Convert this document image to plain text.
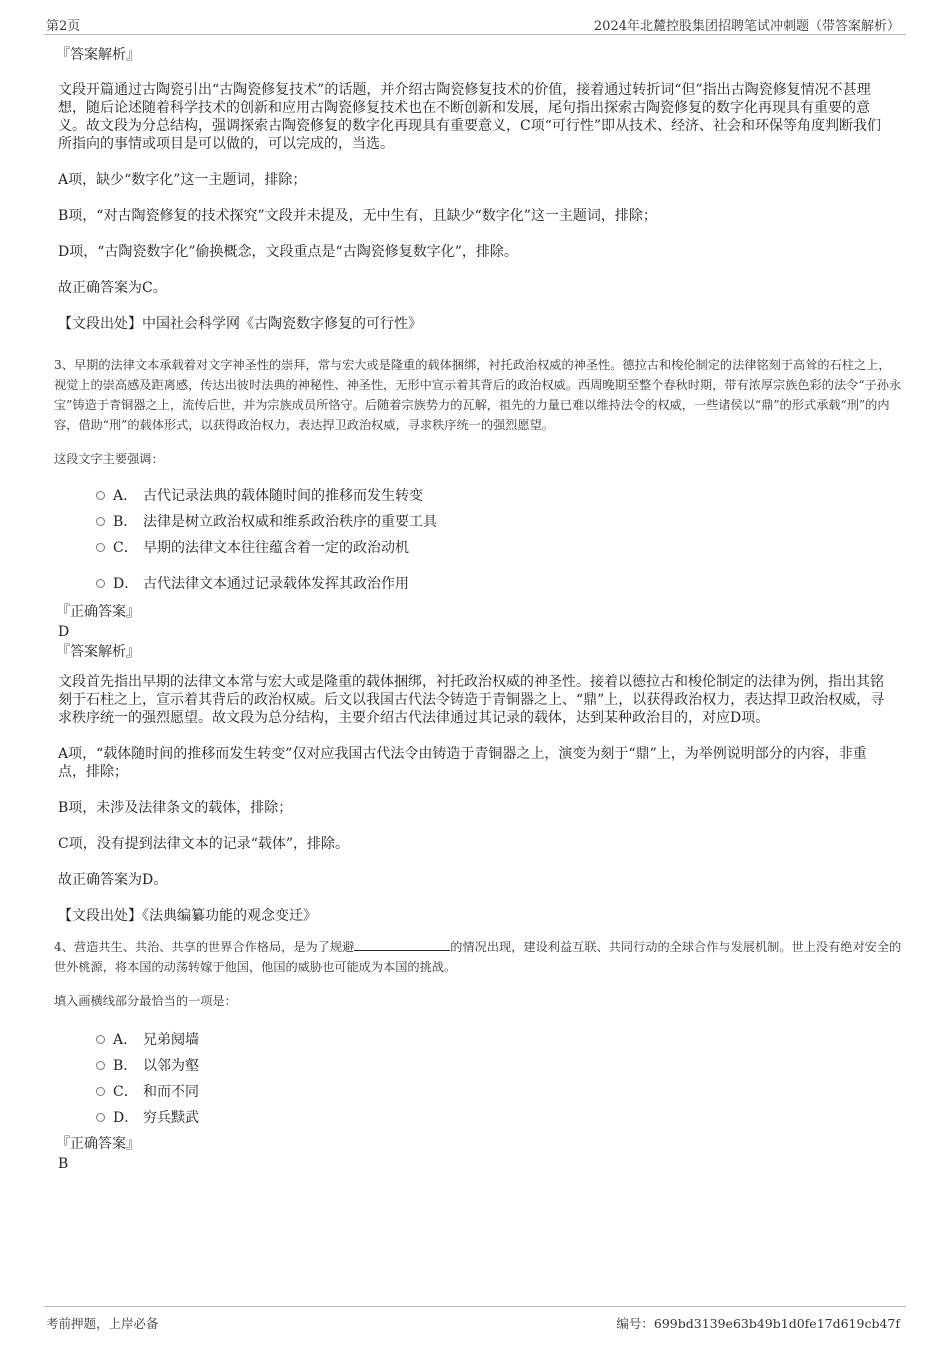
第2页	2024年北麓控股集团招聘笔试冲刺题（带答案解析）

『答案解析』

文段开篇通过古陶瓷引出“古陶瓷修复技术”的话题，并介绍古陶瓷修复技术的价值，接着通过转折词“但”指出古陶瓷修复情况不甚理想，随后论述随着科学技术的创新和应用古陶瓷修复技术也在不断创新和发展，尾句指出探索古陶瓷修复的数字化再现具有重要的意义。故文段为分总结构，强调探索古陶瓷修复的数字化再现具有重要意义，C项“可行性”即从技术、经济、社会和环保等角度判断我们所指向的事情或项目是可以做的，可以完成的，当选。

A项，缺少“数字化”这一主题词，排除；

B项，“对古陶瓷修复的技术探究”文段并未提及，无中生有，且缺少“数字化”这一主题词，排除；

D项，“古陶瓷数字化”偷换概念，文段重点是“古陶瓷修复数字化”，排除。

故正确答案为C。

【文段出处】中国社会科学网《古陶瓷数字修复的可行性》

3、早期的法律文本承载着对文字神圣性的崇拜，常与宏大或是隆重的载体捆绑，衬托政治权威的神圣性。德拉古和梭伦制定的法律铭刻于高耸的石柱之上，视觉上的崇高感及距离感，传达出彼时法典的神秘性、神圣性，无形中宣示着其背后的政治权威。西周晚期至整个春秋时期，带有浓厚宗族色彩的法令“子孙永宝”铸造于青铜器之上，流传后世，并为宗族成员所恪守。后随着宗族势力的瓦解，祖先的力量已难以维持法令的权威，一些诸侯以“鼎”的形式承载“刑”的内容，借助“刑”的载体形式，以获得政治权力，表达捍卫政治权威，寻求秩序统一的强烈愿望。

这段文字主要强调：

A． 古代记录法典的载体随时间的推移而发生转变
B． 法律是树立政治权威和维系政治秩序的重要工具
C． 早期的法律文本往往蕴含着一定的政治动机
D． 古代法律文本通过记录载体发挥其政治作用

『正确答案』

D

『答案解析』

文段首先指出早期的法律文本常与宏大或是隆重的载体捆绑，衬托政治权威的神圣性。接着以德拉古和梭伦制定的法律为例，指出其铭刻于石柱之上，宣示着其背后的政治权威。后文以我国古代法令铸造于青铜器之上、“鼎”上，以获得政治权力，表达捍卫政治权威，寻求秩序统一的强烈愿望。故文段为总分结构，主要介绍古代法律通过其记录的载体，达到某种政治目的，对应D项。

A项，“载体随时间的推移而发生转变”仅对应我国古代法令由铸造于青铜器之上，演变为刻于“鼎”上，为举例说明部分的内容，非重点，排除；

B项，未涉及法律条文的载体，排除；

C项，没有提到法律文本的记录“载体”，排除。

故正确答案为D。

【文段出处】《法典编纂功能的观念变迁》

4、营造共生、共治、共享的世界合作格局，是为了规避	的情况出现，建设利益互联、共同行动的全球合作与发展机制。世上没有绝对安全的世外桃源，将本国的动荡转嫁于他国，他国的威胁也可能成为本国的挑战。

填入画横线部分最恰当的一项是：

A． 兄弟阋墙
B． 以邻为壑
C． 和而不同
D． 穷兵黩武

『正确答案』

B

考前押题，上岸必备	编号：699bd3139e63b49b1d0fe17d619cb47f
